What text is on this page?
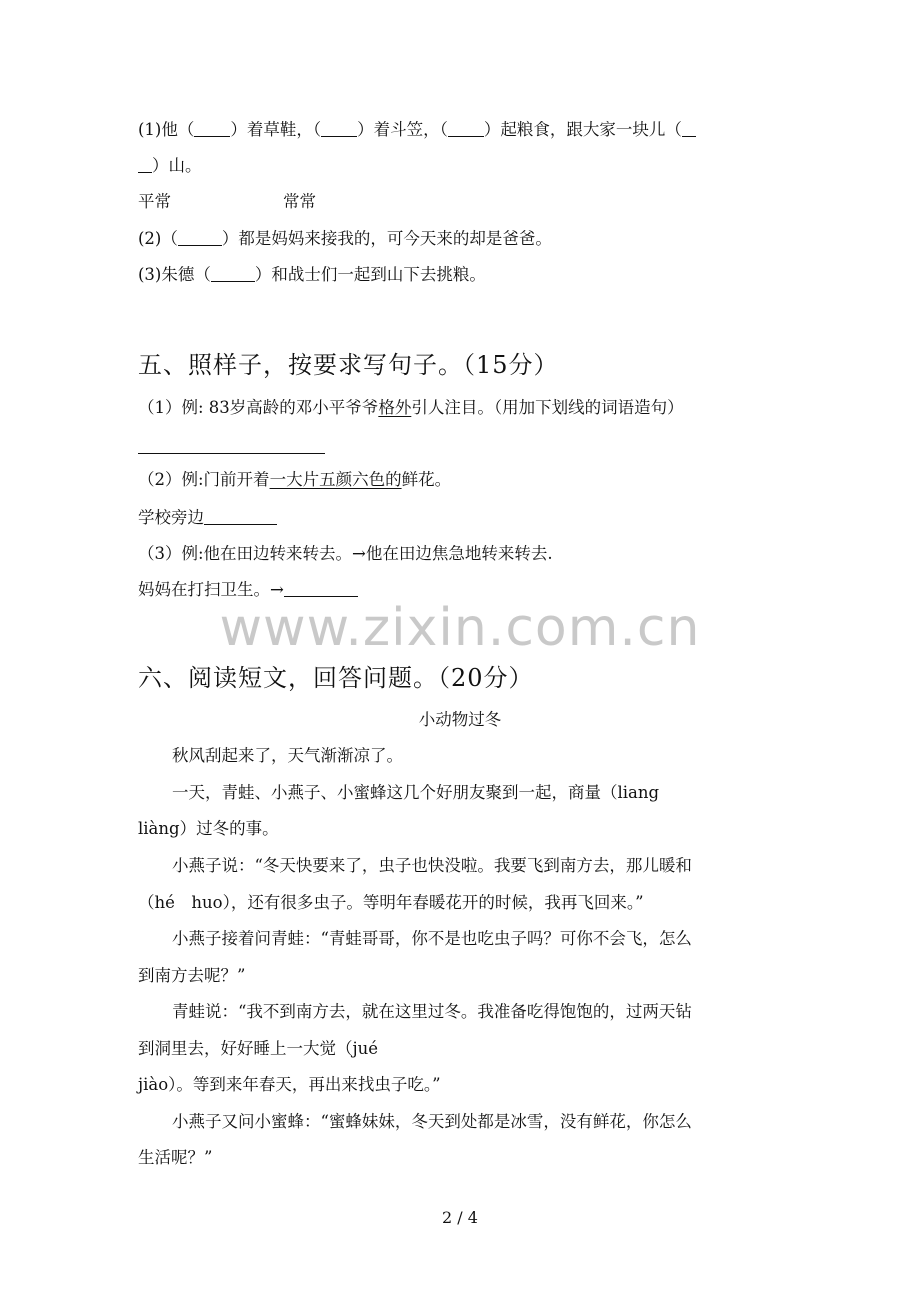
(1)他（ ）着草鞋，（ ）着斗笠，（ ）起粮食，跟大家一块儿（
）山。
平常	常常
(2)（	）都是妈妈来接我的，可今天来的却是爸爸。
(3)朱德（	）和战士们一起到山下去挑粮。
五、照样子，按要求写句子。（15分）
（1）例: 83岁高龄的邓小平爷爷格外引人注目。（用加下划线的词语造句）
（2）例:门前开着一大片五颜六色的鲜花。
学校旁边
（3）例:他在田边转来转去。→他在田边焦急地转来转去.
妈妈在打扫卫生。→
www.zixin.com.cn
六、阅读短文，回答问题。（20分）
小动物过冬
秋风刮起来了，天气渐渐凉了。
一天，青蛙、小燕子、小蜜蜂这几个好朋友聚到一起，商量（liang
liàng）过冬的事。
小燕子说：“冬天快要来了，虫子也快没啦。我要飞到南方去，那儿暖和
（hé　huo），还有很多虫子。等明年春暖花开的时候，我再飞回来。”
小燕子接着问青蛙：“青蛙哥哥，你不是也吃虫子吗？可你不会飞，怎么
到南方去呢？”
青蛙说：“我不到南方去，就在这里过冬。我准备吃得饱饱的，过两天钻
到洞里去，好好睡上一大觉（jué
jiào）。等到来年春天，再出来找虫子吃。”
小燕子又问小蜜蜂：“蜜蜂妹妹，冬天到处都是冰雪，没有鲜花，你怎么
生活呢？”
2 / 4
